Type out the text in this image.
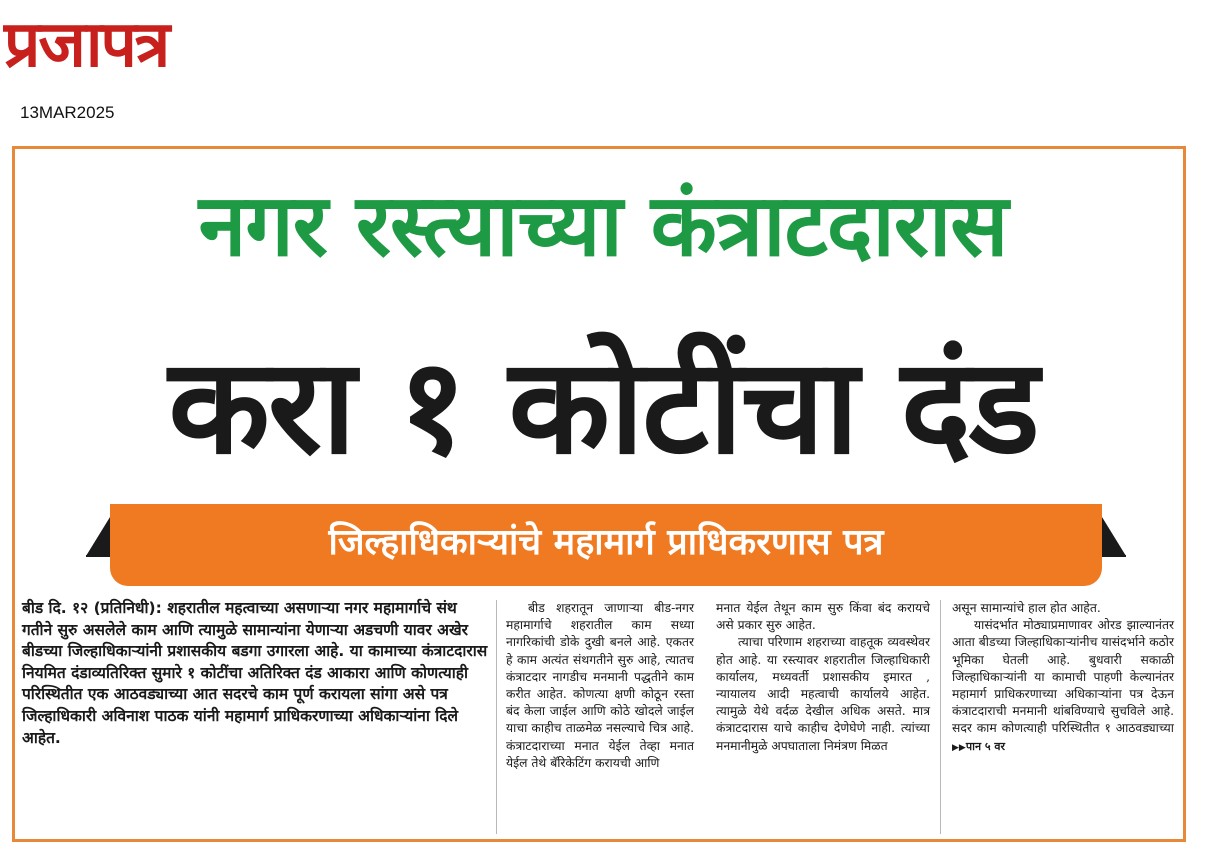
प्रजापत्र
13MAR2025
नगर रस्त्याच्या कंत्राटदारास
करा १ कोटींचा दंड
जिल्हाधिकाऱ्यांचे महामार्ग प्राधिकरणास पत्र
बीड दि. १२ (प्रतिनिधी): शहरातील महत्वाच्या असणाऱ्या नगर महामार्गाचे संथ गतीने सुरु असलेले काम आणि त्यामुळे सामान्यांना येणाऱ्या अडचणी यावर अखेर बीडच्या जिल्हाधिकाऱ्यांनी प्रशासकीय बडगा उगारला आहे. या कामाच्या कंत्राटदारास नियमित दंडाव्यतिरिक्त सुमारे १ कोटींचा अतिरिक्त दंड आकारा आणि कोणत्याही परिस्थितीत एक आठवड्याच्या आत सदरचे काम पूर्ण करायला सांगा असे पत्र जिल्हाधिकारी अविनाश पाठक यांनी महामार्ग प्राधिकरणाच्या अधिकाऱ्यांना दिले आहेत.

बीड शहरातून जाणाऱ्या बीड-नगर महामार्गाचे शहरातील काम सध्या नागरिकांची डोके दुखी बनले आहे. एकतर हे काम अत्यंत संथगतीने सुरु आहे, त्यातच कंत्राटदार नागडीच मनमानी पद्धतीने काम करीत आहेत. कोणत्या क्षणी कोठून रस्ता बंद केला जाईल आणि कोठे खोदले जाईल याचा काहीच ताळमेळ नसल्याचे चित्र आहे. कंत्राटदाराच्या मनात येईल तेव्हा मनात येईल तेथे बॅरिकेटिंग करायची आणि

मनात येईल तेथून काम सुरु किंवा बंद करायचे असे प्रकार सुरु आहेत.

त्याचा परिणाम शहराच्या वाहतूक व्यवस्थेवर होत आहे. या रस्त्यावर शहरातील जिल्हाधिकारी कार्यालय, मध्यवर्ती प्रशासकीय इमारत , न्यायालय आदी महत्वाची कार्यालये आहेत. त्यामुळे येथे वर्दळ देखील अधिक असते. मात्र कंत्राटदारास याचे काहीच देणेघेणे नाही. त्यांच्या मनमानीमुळे अपघाताला निमंत्रण मिळत

असून सामान्यांचे हाल होत आहेत.

यासंदर्भात मोठ्याप्रमाणावर ओरड झाल्यानंतर आता बीडच्या जिल्हाधिकाऱ्यांनीच यासंदर्भाने कठोर भूमिका घेतली आहे. बुधवारी सकाळी जिल्हाधिकाऱ्यांनी या कामाची पाहणी केल्यानंतर महामार्ग प्राधिकरणाच्या अधिकाऱ्यांना पत्र देऊन कंत्राटदाराची मनमानी थांबविण्याचे सुचविले आहे. सदर काम कोणत्याही परिस्थितीत १ आठवड्याच्या ▶▶पान ५ वर
